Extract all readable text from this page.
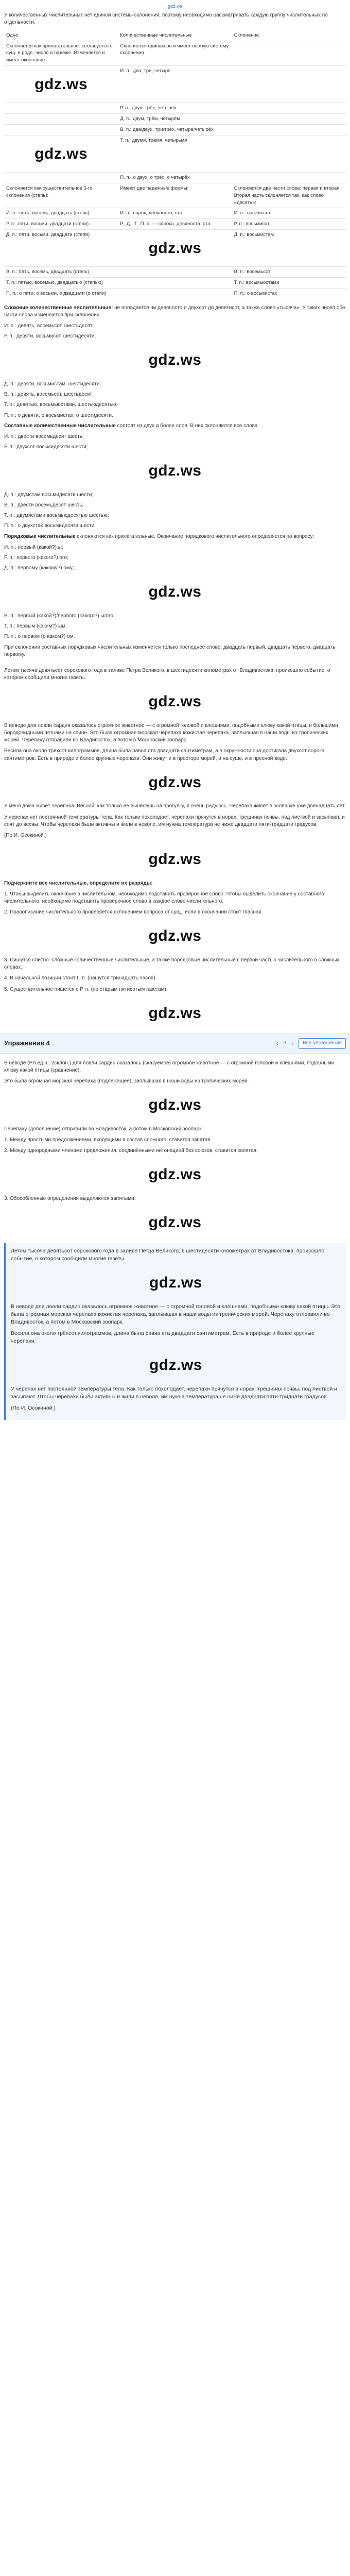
gdz.ws

У количественных числительных нет единой системы склонения, поэтому необходимо рассматривать каждую группу числительных по отдельности.

Одно	Количественные числительные	Склонение
Склоняется как прилагательное: согласуется с сущ. в роде, числе и падеже. Изменяется и имеет окончание.	Склоняется одинаково и имеет особую систему склонения	
gdz.ws	И. п.: два, три, четыре	
	Р. п.: двух, трёх, четырёх	
	Д. п.: двум, трём, четырём	
	В. п.: два/двух, три/трёх, четыре/четырёх	
gdz.ws	Т. п.: двумя, тремя, четырьмя	
	П. п.: о двух, о трёх, о четырёх	
Склоняется как существительное 3-го склонения (степь):	Имеют две падежные формы:	Склоняются две части слова: первая и вторая. Вторая часть склоняется так, как слово «десять»:
И. п.: пять, восемь, двадцать (степь)	И. п.: сорок, девяносто, сто	И. п.: восемьсот
Р. п.: пяти, восьми, двадцати (степи)	Р., Д., Т., П. п. — сорока, девяноста, ста	Р. п.: восьмисот
Д. п.: пяти, восьми, двадцати (степи)	gdz.ws	Д. п.: восьмистам
В. п.: пять, восемь, двадцать (степь)		В. п.: восемьсот
Т. п.: пятью, восемью, двадцатью (степью)		Т. п.: восьмьюстами
П. п.: о пяти, о восьми, о двадцати (о степи)		П. п.: о восьмистах

Сложные количественные числительные: не попадается ни девяносто и двухсот до девятисот, а также слово «тысяча». У таких чисел обе части слова изменяются при склонении.

И. п.: девять, восемьсот, шестьдесят;
Р. п.: девяти, восьмисот, шестидесяти;
gdz.ws
Д. п.: девяти, восьмистам, шестидесяти;
В. п.: девять, восемьсот, шестьдесят;
Т. п.: девятью, восьмьюстами, шестьюдесятью;
П. п.: о девяти, о восьмистах, о шестидесяти.

Составные количественные числительные состоят из двух и более слов. В них склоняются все слова.

И. п.: двести восемьдесят шесть;
Р. п.: двухсот восьмидесяти шести;
gdz.ws
Д. п.: двумстам восьмидесяти шести;
В. п.: двести восемьдесят шесть;
Т. п.: двумястами восьмьюдесятью шестью;
П. п.: о двухстах восьмидесяти шести.

Порядковые числительные склоняются как прилагательные. Окончание порядкового числительного определяется по вопросу:

И. п.: первый (какой?) ы;
Р. п.: первого (какого?) ого;
Д. п.: первому (какому?) ому;
gdz.ws
В. п.: первый (какой?)/первого (какого?) ы/ого;
Т. п.: первым (каким?) ым;
П. п.: о первом (о каком?) ом.

При склонении составных порядковых числительных изменяется только последнее слово: двадцать первый, двадцать первого, двадцать первому.

Летом тысяча девятьсот сорокового года в заливе Петра Великого, в шестидесяти километрах от Владивостока, произошло событие, о котором сообщили многие газеты.

gdz.ws

В неводе для ловли сардин оказалось огромное животное — с огромной головой и клешнями, подобными клюву какой птицы, и большими бородовидными пятнами на спине. Это была огромная морская черепаха кожистая черепаха, заплывшая в наши воды из тропических морей. Черепаху отправили во Владивосток, а потом в Московский зоопарк.

Весила она около трёхсот килограммов, длина была равна ста двадцати сантиметрам, а в окружности она достигала двухсот сорока сантиметров. Есть в природе и более крупные черепахи. Они живут и в просторе морей, и на суше, и в пресной воде.

gdz.ws

У меня дома живёт черепаха. Весной, как только её вынесешь на прогулку, я очень радуюсь. Черепаха живёт в зоопарке уже двенадцать лет.

У черепах нет постоянной температуры тела. Как только похолодает, черепахи прячутся в норах, трещинах почвы, под листвой и засыпают, и спят до весны. Чтобы черепахи были активны и жили в неволе, им нужна температура не ниже двадцати пяти-тридцати градусов.

(По И. Осокиной.)

gdz.ws

Подчеркните все числительные, определите их разряды:

1. Чтобы выделить окончание в числительном, необходимо подставить проверочное слово. Чтобы выделить окончание у составного числительного, необходимо подставить проверочное слово в каждое слово числительного.

2. Правописание числительного проверяется склонением вопроса от сущ., если в окончании стоит гласная.

gdz.ws

3. Пишутся слитно: сложные количественные числительные, а также порядковые числительные с первой частью числительного в сложных словах.

4. В начальной позиции стоит Г. п. (нашутся тринадцать часов).

5. Существительное пишется с Р. п. (по старым пятисотым газетам).

gdz.ws
Упражнение 4	‹ 3 ›	Все упражнения

В неводе (Р.п.ед.ч., 2склон.) для ловли сардин оказалось (сказуемое) огромное животное — с огромной головой и клешнями, подобными клюву какой птицы (сравнение).

Это была огромная морская черепаха (подлежащее), заплывшая в наши воды из тропических морей.

gdz.ws

Черепаху (дополнение) отправили во Владивосток, а потом в Московский зоопарк.

1. Между простыми предложениями, входящими в состав сложного, ставится запятая.

2. Между однородными членами предложения, соединёнными интонацией без союзов, ставится запятая.

gdz.ws

3. Обособленные определения выделяются запятыми.

gdz.ws

Летом тысяча девятьсот сорокового года в заливе Петра Великого, в шестидесяти километрах от Владивостока, произошло событие, о котором сообщили многие газеты.

gdz.ws

В неводе для ловли сардин оказалось огромное животное — с огромной головой и клешнями, подобными клюву какой птицы. Это была огромная морская черепаха кожистая черепаха, заплывшая в наши воды из тропических морей. Черепаху отправили во Владивосток, а потом в Московский зоопарк.

Весила она около трёхсот килограммов, длина была равна ста двадцати сантиметрам. Есть в природе и более крупные черепахи.

gdz.ws

У черепах нет постоянной температуры тела. Как только похолодает, черепахи прячутся в норах, трещинах почвы, под листвой и засыпают. Чтобы черепахи были активны и жили в неволе, им нужна температура не ниже двадцати пяти-тридцати градусов.

(По И. Осокиной.)
